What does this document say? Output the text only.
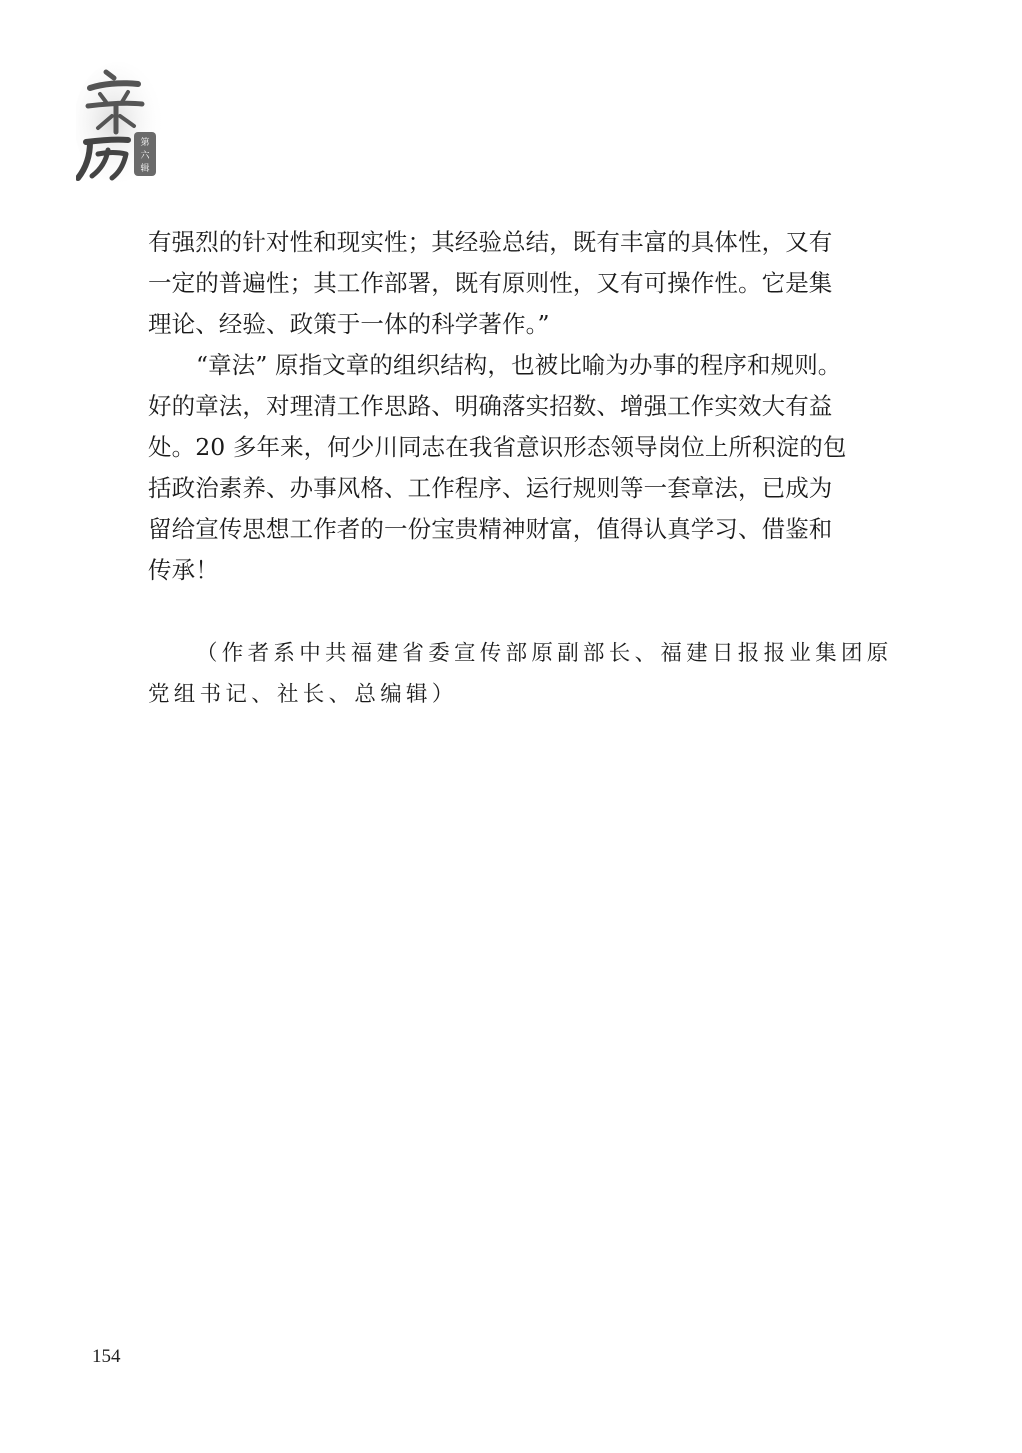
第
六
辑
有强烈的针对性和现实性；其经验总结，既有丰富的具体性，又有
一定的普遍性；其工作部署，既有原则性，又有可操作性。它是集
理论、经验、政策于一体的科学著作。”
“章法” 原指文章的组织结构，也被比喻为办事的程序和规则。
好的章法，对理清工作思路、明确落实招数、增强工作实效大有益
处。20 多年来，何少川同志在我省意识形态领导岗位上所积淀的包
括政治素养、办事风格、工作程序、运行规则等一套章法，已成为
留给宣传思想工作者的一份宝贵精神财富，值得认真学习、借鉴和
传承！
（作者系中共福建省委宣传部原副部长、福建日报报业集团原
党组书记、社长、总编辑）
154
